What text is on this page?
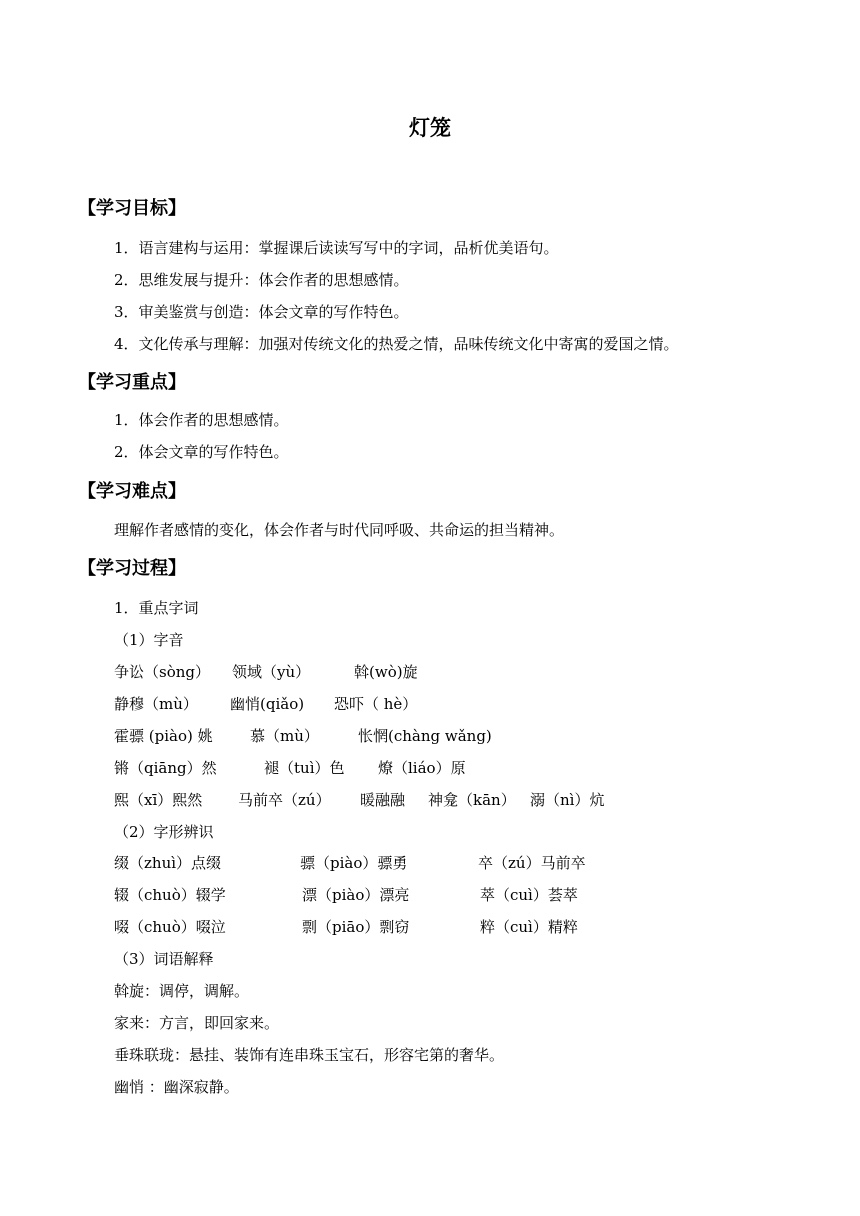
灯笼
【学习目标】
1．语言建构与运用：掌握课后读读写写中的字词，品析优美语句。
2．思维发展与提升：体会作者的思想感情。
3．审美鉴赏与创造：体会文章的写作特色。
4．文化传承与理解：加强对传统文化的热爱之情，品味传统文化中寄寓的爱国之情。
【学习重点】
1．体会作者的思想感情。
2．体会文章的写作特色。
【学习难点】
理解作者感情的变化，体会作者与时代同呼吸、共命运的担当精神。
【学习过程】
1．重点字词
（1）字音
争讼（sòng） 领域（yù）	斡(wò)旋
静穆（mù） 幽悄(qiǎo) 恐吓（ hè）
霍骠 (piào) 姚 慕（mù）	怅惘(chàng wǎng)
锵（qiāng）然	褪（tuì）色 燎（liáo）原
熙（xī）熙然 马前卒（zú） 暖融融 神龛（kān） 溺（nì）炕
（2）字形辨识
缀（zhuì）点缀	骠（piào）骠勇	卒（zú）马前卒
辍（chuò）辍学	漂（piào）漂亮	萃（cuì）荟萃
啜（chuò）啜泣	剽（piāo）剽窃	粹（cuì）精粹
（3）词语解释
斡旋：调停，调解。
家来：方言，即回家来。
垂珠联珑：悬挂、装饰有连串珠玉宝石，形容宅第的奢华。
幽悄 ：幽深寂静。
